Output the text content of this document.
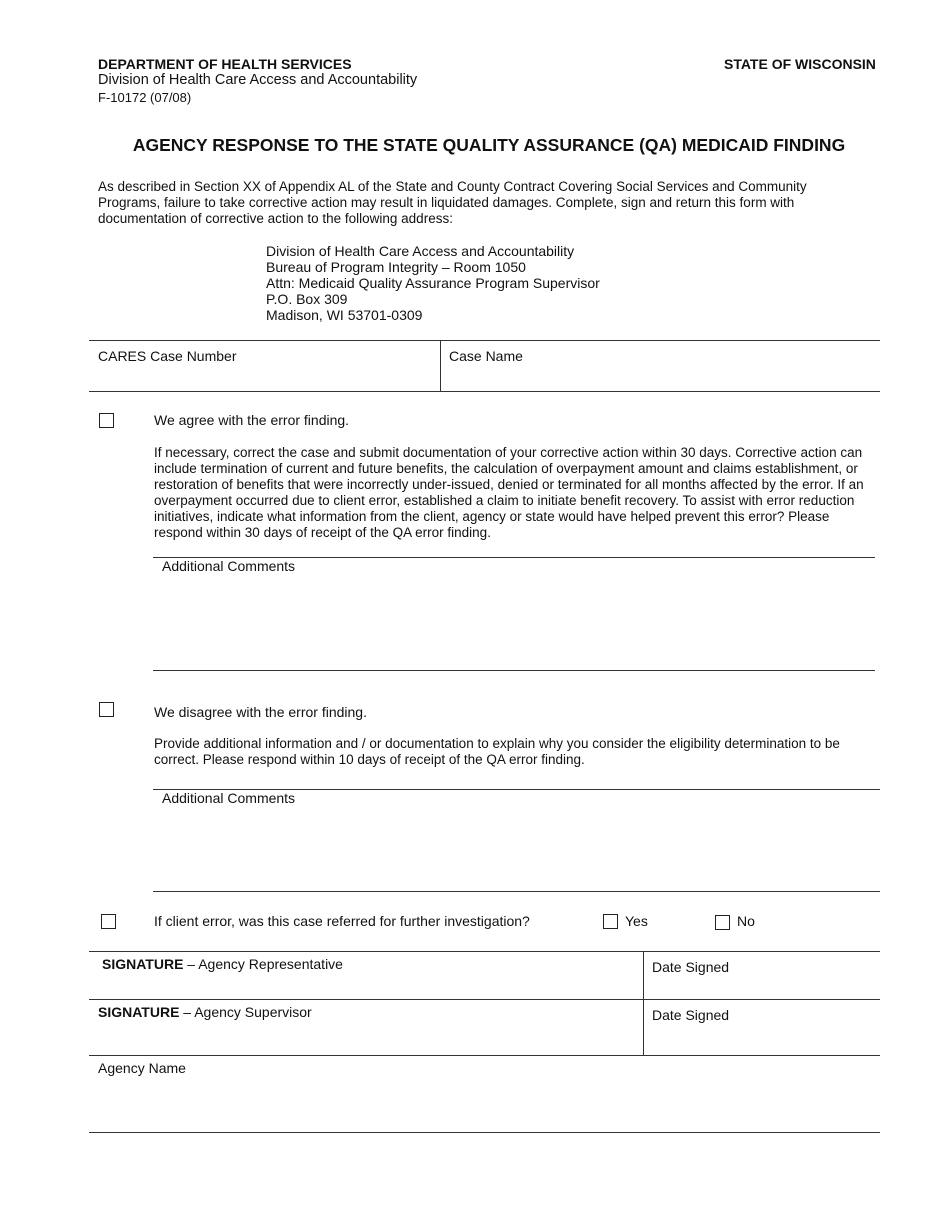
DEPARTMENT OF HEALTH SERVICES
Division of Health Care Access and Accountability
F-10172 (07/08)
STATE OF WISCONSIN
AGENCY RESPONSE TO THE STATE QUALITY ASSURANCE (QA) MEDICAID FINDING

As described in Section XX of Appendix AL of the State and County Contract Covering Social Services and Community Programs, failure to take corrective action may result in liquidated damages. Complete, sign and return this form with documentation of corrective action to the following address:

Division of Health Care Access and Accountability
Bureau of Program Integrity – Room 1050
Attn: Medicaid Quality Assurance Program Supervisor
P.O. Box 309
Madison, WI 53701-0309
CARES Case Number	Case Name
We agree with the error finding.

If necessary, correct the case and submit documentation of your corrective action within 30 days. Corrective action can include termination of current and future benefits, the calculation of overpayment amount and claims establishment, or restoration of benefits that were incorrectly under-issued, denied or terminated for all months affected by the error. If an overpayment occurred due to client error, established a claim to initiate benefit recovery. To assist with error reduction initiatives, indicate what information from the client, agency or state would have helped prevent this error? Please respond within 30 days of receipt of the QA error finding.

Additional Comments
We disagree with the error finding.

Provide additional information and / or documentation to explain why you consider the eligibility determination to be correct. Please respond within 10 days of receipt of the QA error finding.

Additional Comments
If client error, was this case referred for further investigation?	Yes	No
SIGNATURE – Agency Representative	Date Signed
SIGNATURE – Agency Supervisor	Date Signed
Agency Name
